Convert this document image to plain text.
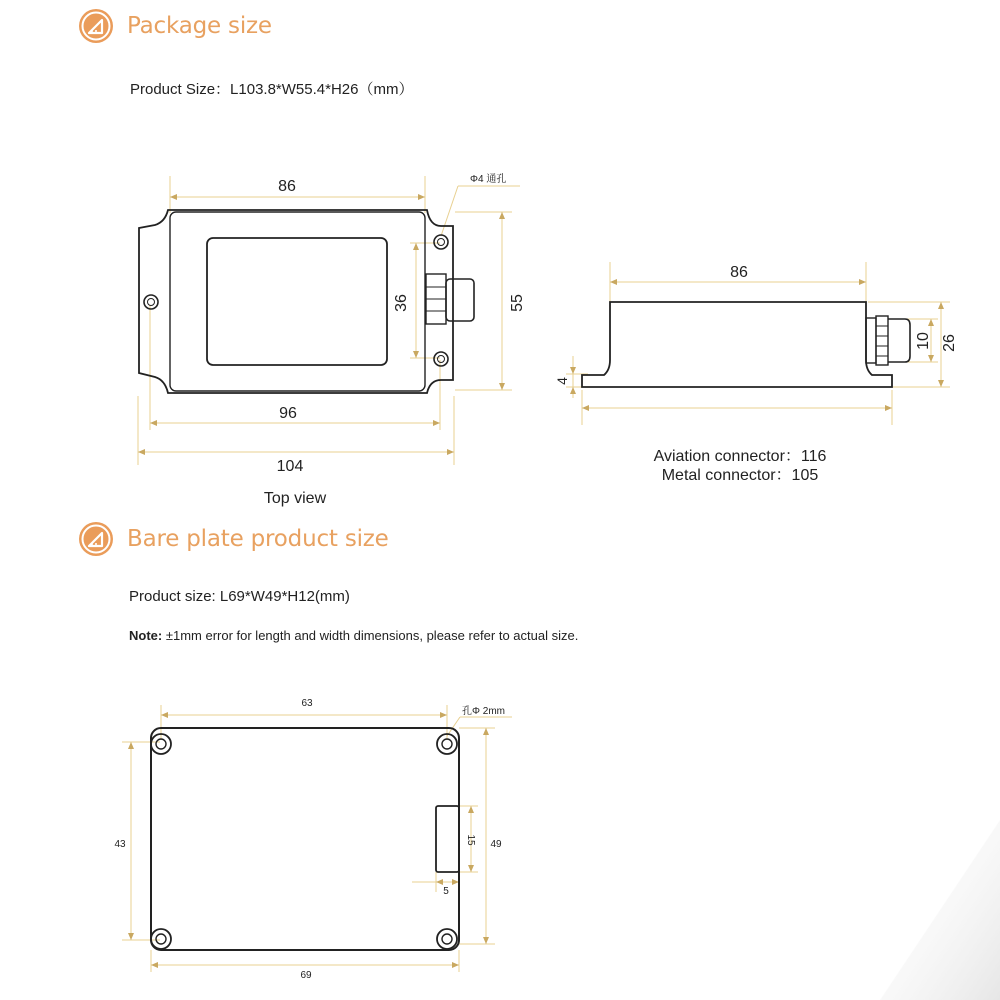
Package size
Product Size：L103.8*W55.4*H26（mm）
86
55
36
96
104
Φ4 通孔
Top view
86
10 26
4
Aviation connector：116
Metal connector：105
Bare plate product size
Product size: L69*W49*H12(mm)
Note: ±1mm error for length and width dimensions, please refer to actual size.
63
孔Φ 2mm
43	15 49
5
69
